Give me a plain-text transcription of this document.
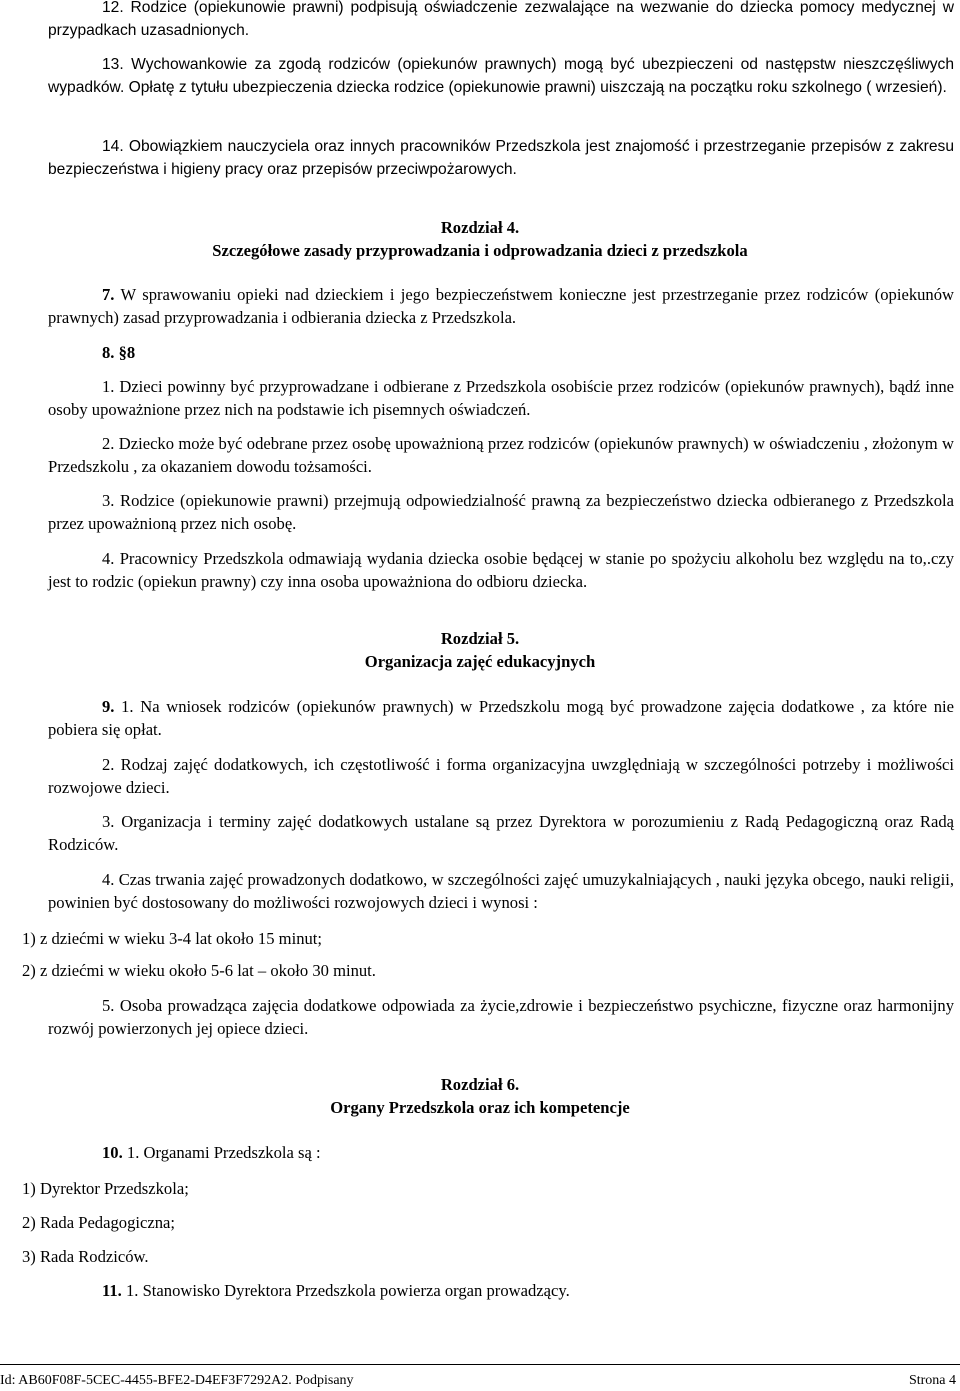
12. Rodzice (opiekunowie prawni) podpisują oświadczenie zezwalające na wezwanie do dziecka pomocy medycznej w przypadkach uzasadnionych.
13. Wychowankowie za zgodą rodziców (opiekunów prawnych) mogą być ubezpieczeni od następstw nieszczęśliwych wypadków. Opłatę z tytułu ubezpieczenia dziecka rodzice (opiekunowie prawni) uiszczają na początku roku szkolnego ( wrzesień).
14. Obowiązkiem nauczyciela oraz innych pracowników Przedszkola jest znajomość i przestrzeganie przepisów z zakresu bezpieczeństwa i higieny pracy oraz przepisów przeciwpożarowych.
Rozdział 4.
Szczegółowe zasady przyprowadzania i odprowadzania dzieci z przedszkola
7. W sprawowaniu opieki nad dzieckiem i jego bezpieczeństwem konieczne jest przestrzeganie przez rodziców (opiekunów prawnych) zasad przyprowadzania i odbierania dziecka z Przedszkola.
8. §8
1. Dzieci powinny być przyprowadzane i odbierane z Przedszkola osobiście przez rodziców (opiekunów prawnych), bądź inne osoby upoważnione przez nich na podstawie ich pisemnych oświadczeń.
2. Dziecko może być odebrane przez osobę upoważnioną przez rodziców (opiekunów prawnych) w oświadczeniu , złożonym w Przedszkolu , za okazaniem dowodu tożsamości.
3. Rodzice (opiekunowie prawni) przejmują odpowiedzialność prawną za bezpieczeństwo dziecka odbieranego z Przedszkola przez upoważnioną przez nich osobę.
4. Pracownicy Przedszkola odmawiają wydania dziecka osobie będącej w stanie po spożyciu alkoholu bez względu na to,.czy jest to rodzic (opiekun prawny) czy inna osoba upoważniona do odbioru dziecka.
Rozdział 5.
Organizacja zajęć edukacyjnych
9. 1. Na wniosek rodziców (opiekunów prawnych) w Przedszkolu mogą być prowadzone zajęcia dodatkowe , za które nie pobiera się opłat.
2. Rodzaj zajęć dodatkowych, ich częstotliwość i forma organizacyjna uwzględniają w szczególności potrzeby i możliwości rozwojowe dzieci.
3. Organizacja i terminy zajęć dodatkowych ustalane są przez Dyrektora w porozumieniu z Radą Pedagogiczną oraz Radą Rodziców.
4. Czas trwania zajęć prowadzonych dodatkowo, w szczególności zajęć umuzykalniających , nauki języka obcego, nauki religii, powinien być dostosowany do możliwości rozwojowych dzieci i wynosi :
1) z dziećmi w wieku 3-4 lat około 15 minut;
2) z dziećmi w wieku około 5-6 lat – około 30 minut.
5. Osoba prowadząca zajęcia dodatkowe odpowiada za życie,zdrowie i bezpieczeństwo psychiczne, fizyczne oraz harmonijny rozwój powierzonych jej opiece dzieci.
Rozdział 6.
Organy Przedszkola oraz ich kompetencje
10. 1. Organami Przedszkola są :
1) Dyrektor Przedszkola;
2) Rada Pedagogiczna;
3) Rada Rodziców.
11. 1. Stanowisko Dyrektora Przedszkola powierza organ prowadzący.
Id: AB60F08F-5CEC-4455-BFE2-D4EF3F7292A2. Podpisany	Strona 4
